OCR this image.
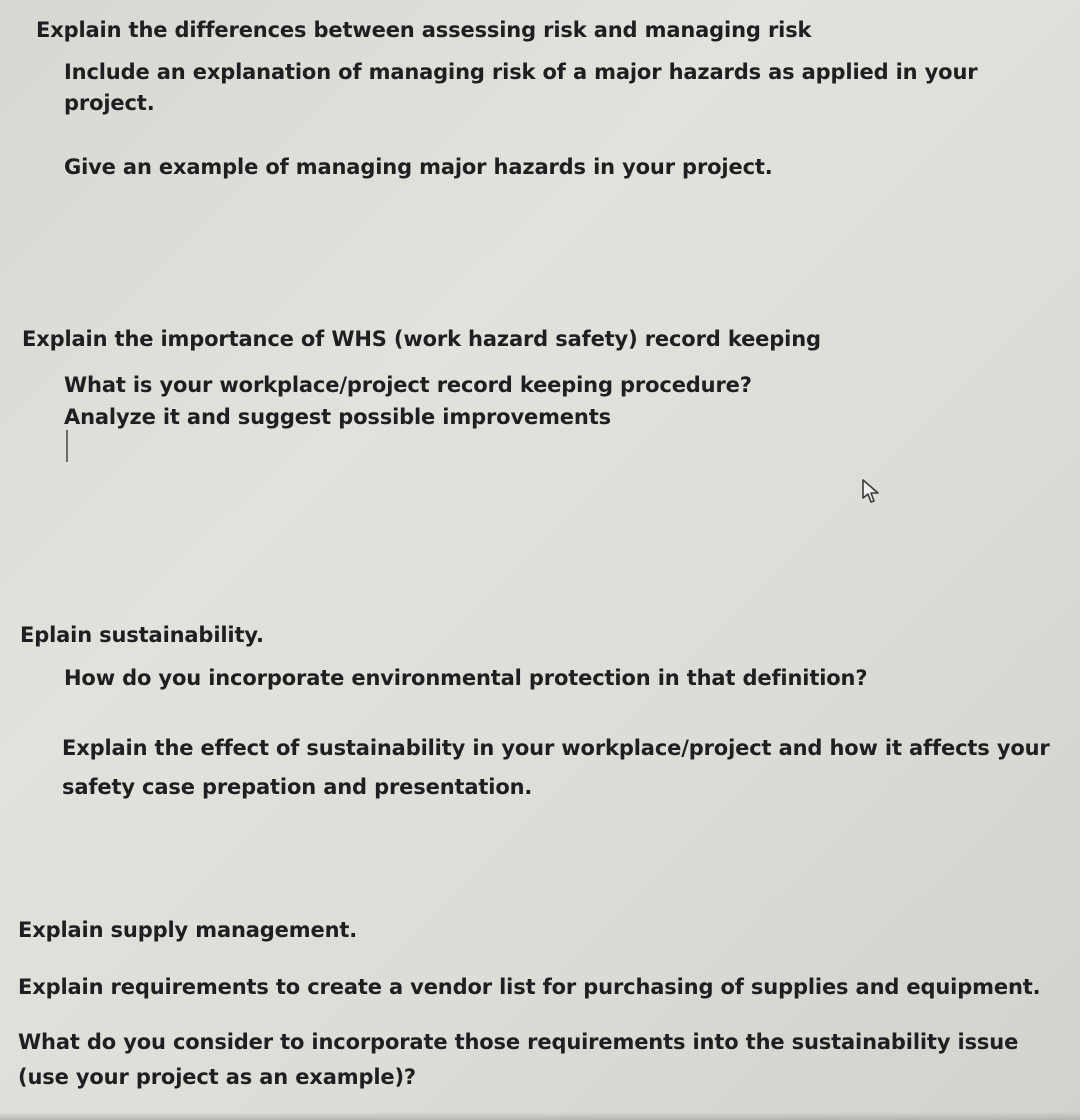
Explain the differences between assessing risk and managing risk
Include an explanation of managing risk of a major hazards as applied in your
project.
Give an example of managing major hazards in your project.
Explain the importance of WHS (work hazard safety) record keeping
What is your workplace/project record keeping procedure?
Analyze it and suggest possible improvements
Eplain sustainability.
How do you incorporate environmental protection in that definition?
Explain the effect of sustainability in your workplace/project and how it affects your
safety case prepation and presentation.
Explain supply management.
Explain requirements to create a vendor list for purchasing of supplies and equipment.
What do you consider to incorporate those requirements into the sustainability issue
(use your project as an example)?
